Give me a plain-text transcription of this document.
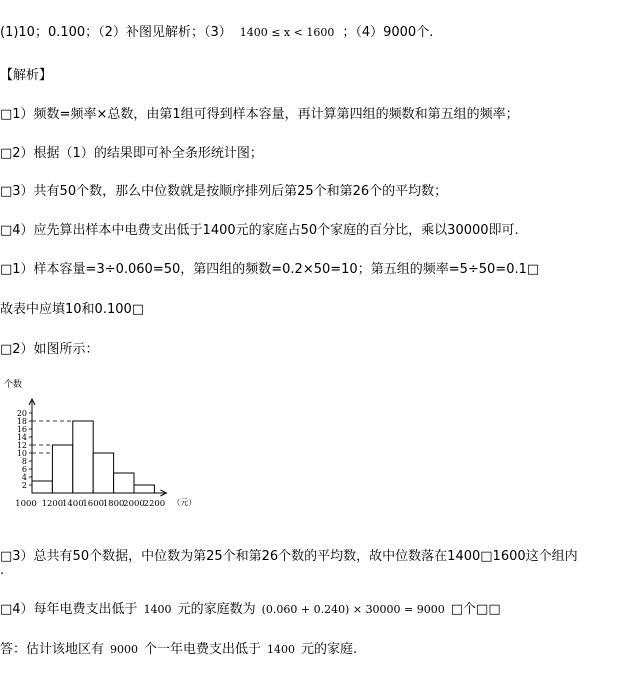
(1)10；0.100；（2）补图见解析；（3） 1400 ≤ x < 1600 ；（4）9000个.
【解析】
□1）频数=频率×总数，由第1组可得到样本容量，再计算第四组的频数和第五组的频率；
□2）根据（1）的结果即可补全条形统计图；
□3）共有50个数，那么中位数就是按顺序排列后第25个和第26个的平均数；
□4）应先算出样本中电费支出低于1400元的家庭占50个家庭的百分比，乘以30000即可.
□1）样本容量=3÷0.060=50，第四组的频数=0.2×50=10；第五组的频率=5÷50=0.1□
故表中应填10和0.100□
□2）如图所示：
个数
2
4
6
8
10
12
14
16
18
20
1000 1200
1400
1600
1800
2000
2200 （元）
□3）总共有50个数据，中位数为第25个和第26个数的平均数，故中位数落在1400□1600这个组内
.
□4）每年电费支出低于 1400 元的家庭数为 (0.060 + 0.240) × 30000 = 9000 □个□□
答：估计该地区有 9000 个一年电费支出低于 1400 元的家庭.
